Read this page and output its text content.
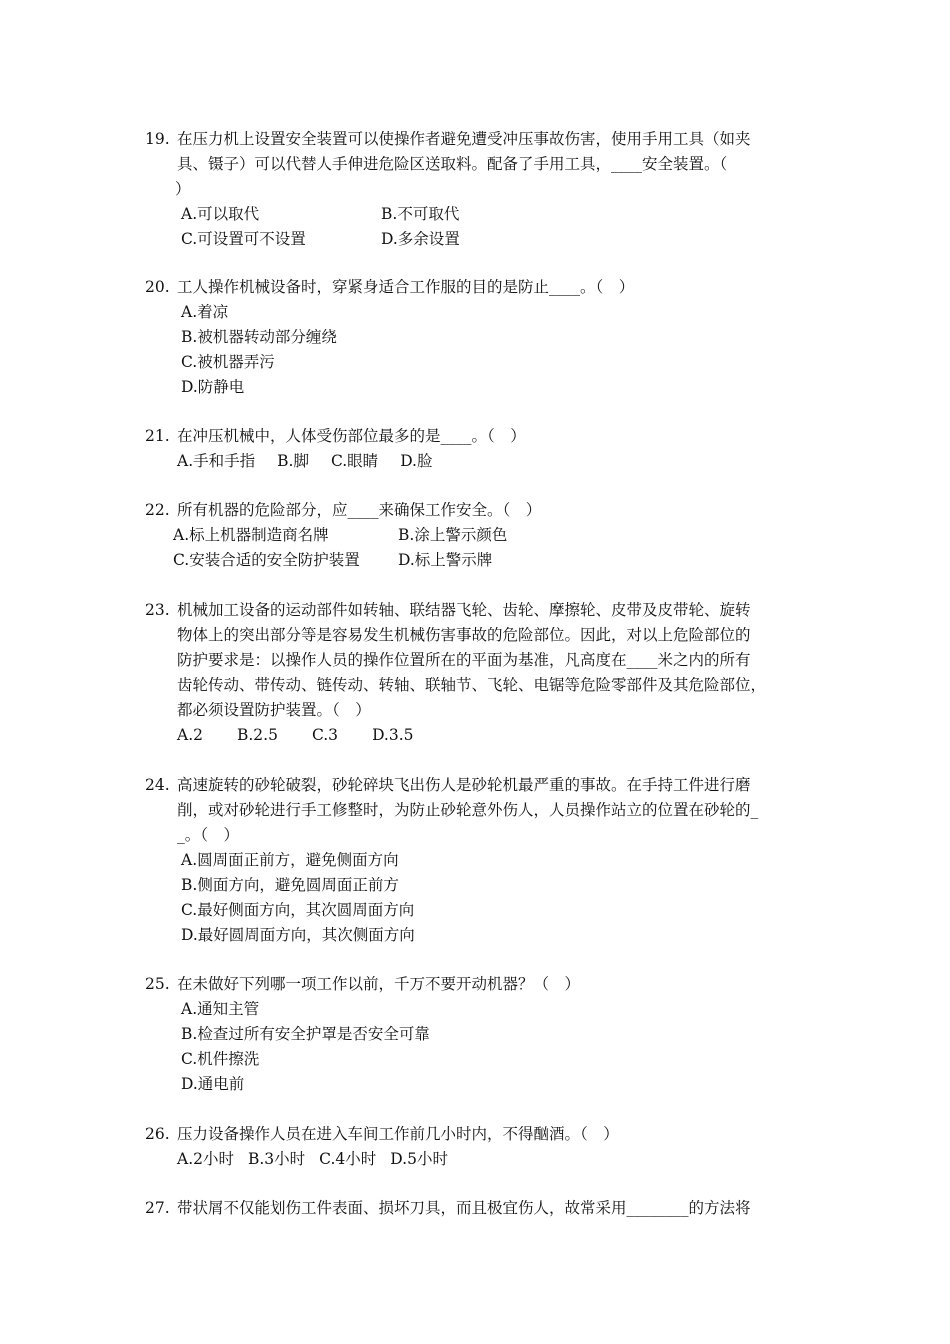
19. 在压力机上设置安全装置可以使操作者避免遭受冲压事故伤害，使用手用工具（如夹
具、镊子）可以代替人手伸进危险区送取料。配备了手用工具，____安全装置。（
）
A.可以取代	B.不可取代
C.可设置可不设置	D.多余设置
20. 工人操作机械设备时，穿紧身适合工作服的目的是防止____。（　）
A.着凉
B.被机器转动部分缠绕
C.被机器弄污
D.防静电
21. 在冲压机械中，人体受伤部位最多的是____。（　）
A.手和手指 B.脚 C.眼睛 D.脸
22. 所有机器的危险部分，应____来确保工作安全。（　）
A.标上机器制造商名牌	B.涂上警示颜色
C.安装合适的安全防护装置	D.标上警示牌
23. 机械加工设备的运动部件如转轴、联结器飞轮、齿轮、摩擦轮、皮带及皮带轮、旋转
物体上的突出部分等是容易发生机械伤害事故的危险部位。因此，对以上危险部位的
防护要求是：以操作人员的操作位置所在的平面为基准，凡高度在____米之内的所有
齿轮传动、带传动、链传动、转轴、联轴节、飞轮、电锯等危险零部件及其危险部位，
都必须设置防护装置。（　）
A.2 B.2.5 C.3 D.3.5
24. 高速旋转的砂轮破裂，砂轮碎块飞出伤人是砂轮机最严重的事故。在手持工件进行磨
削，或对砂轮进行手工修整时，为防止砂轮意外伤人，人员操作站立的位置在砂轮的_
_。（　）
A.圆周面正前方，避免侧面方向
B.侧面方向，避免圆周面正前方
C.最好侧面方向，其次圆周面方向
D.最好圆周面方向，其次侧面方向
25. 在未做好下列哪一项工作以前，千万不要开动机器？（　）
A.通知主管
B.检查过所有安全护罩是否安全可靠
C.机件擦洗
D.通电前
26. 压力设备操作人员在进入车间工作前几小时内，不得酗酒。（　）
A.2小时 B.3小时 C.4小时 D.5小时
27. 带状屑不仅能划伤工件表面、损坏刀具，而且极宜伤人，故常采用________的方法将
